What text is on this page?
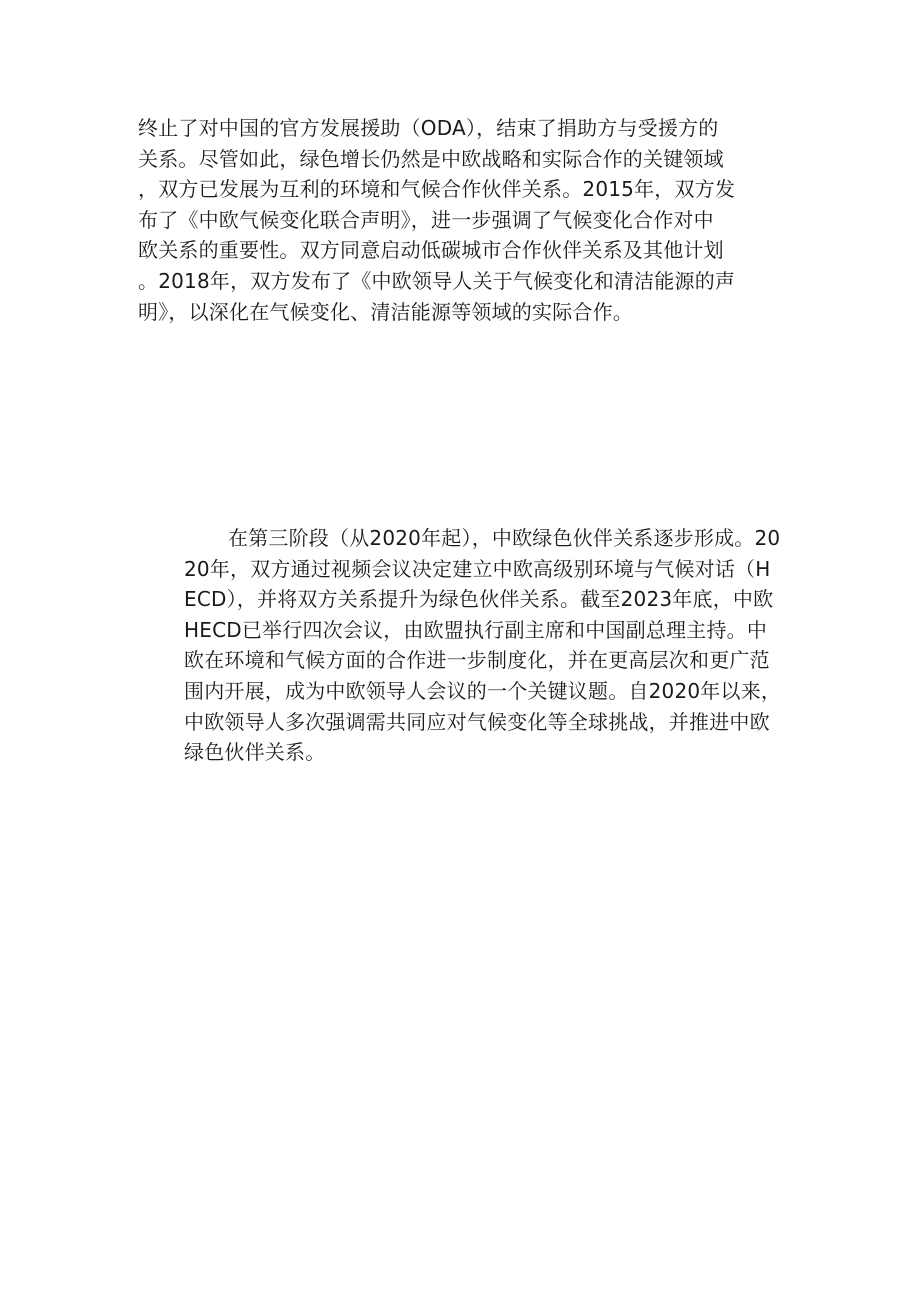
终止了对中国的官方发展援助（ODA），结束了捐助方与受援方的
关系。尽管如此，绿色增长仍然是中欧战略和实际合作的关键领域
，双方已发展为互利的环境和气候合作伙伴关系。2015年，双方发
布了《中欧气候变化联合声明》，进一步强调了气候变化合作对中
欧关系的重要性。双方同意启动低碳城市合作伙伴关系及其他计划
。2018年，双方发布了《中欧领导人关于气候变化和清洁能源的声
明》，以深化在气候变化、清洁能源等领域的实际合作。

在第三阶段（从2020年起），中欧绿色伙伴关系逐步形成。20
20年，双方通过视频会议决定建立中欧高级别环境与气候对话（H
ECD），并将双方关系提升为绿色伙伴关系。截至2023年底，中欧
HECD已举行四次会议，由欧盟执行副主席和中国副总理主持。中
欧在环境和气候方面的合作进一步制度化，并在更高层次和更广范
围内开展，成为中欧领导人会议的一个关键议题。自2020年以来，
中欧领导人多次强调需共同应对气候变化等全球挑战，并推进中欧
绿色伙伴关系。
